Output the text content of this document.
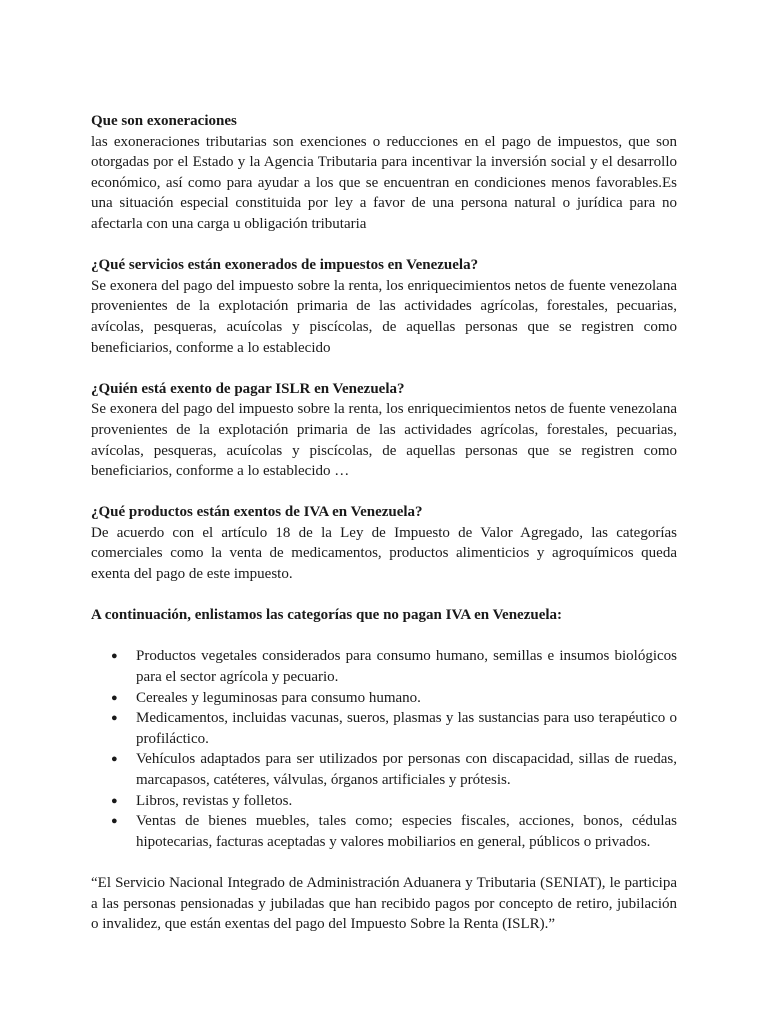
Que son exoneraciones

las exoneraciones tributarias son exenciones o reducciones en el pago de impuestos, que son otorgadas por el Estado y la Agencia Tributaria para incentivar la inversión social y el desarrollo económico, así como para ayudar a los que se encuentran en condiciones menos favorables.Es una situación especial constituida por ley a favor de una persona natural o jurídica para no afectarla con una carga u obligación tributaria

¿Qué servicios están exonerados de impuestos en Venezuela?

Se exonera del pago del impuesto sobre la renta, los enriquecimientos netos de fuente venezolana provenientes de la explotación primaria de las actividades agrícolas, forestales, pecuarias, avícolas, pesqueras, acuícolas y piscícolas, de aquellas personas que se registren como beneficiarios, conforme a lo establecido

¿Quién está exento de pagar ISLR en Venezuela?

Se exonera del pago del impuesto sobre la renta, los enriquecimientos netos de fuente venezolana provenientes de la explotación primaria de las actividades agrícolas, forestales, pecuarias, avícolas, pesqueras, acuícolas y piscícolas, de aquellas personas que se registren como beneficiarios, conforme a lo establecido …

¿Qué productos están exentos de IVA en Venezuela?

De acuerdo con el artículo 18 de la Ley de Impuesto de Valor Agregado, las categorías comerciales como la venta de medicamentos, productos alimenticios y agroquímicos queda exenta del pago de este impuesto.

A continuación, enlistamos las categorías que no pagan IVA en Venezuela:

● Productos vegetales considerados para consumo humano, semillas e insumos biológicos para el sector agrícola y pecuario.
● Cereales y leguminosas para consumo humano.
● Medicamentos, incluidas vacunas, sueros, plasmas y las sustancias para uso terapéutico o profiláctico.
● Vehículos adaptados para ser utilizados por personas con discapacidad, sillas de ruedas, marcapasos, catéteres, válvulas, órganos artificiales y prótesis.
● Libros, revistas y folletos.
● Ventas de bienes muebles, tales como; especies fiscales, acciones, bonos, cédulas hipotecarias, facturas aceptadas y valores mobiliarios en general, públicos o privados.

“El Servicio Nacional Integrado de Administración Aduanera y Tributaria (SENIAT), le participa a las personas pensionadas y jubiladas que han recibido pagos por concepto de retiro, jubilación o invalidez, que están exentas del pago del Impuesto Sobre la Renta (ISLR).”
